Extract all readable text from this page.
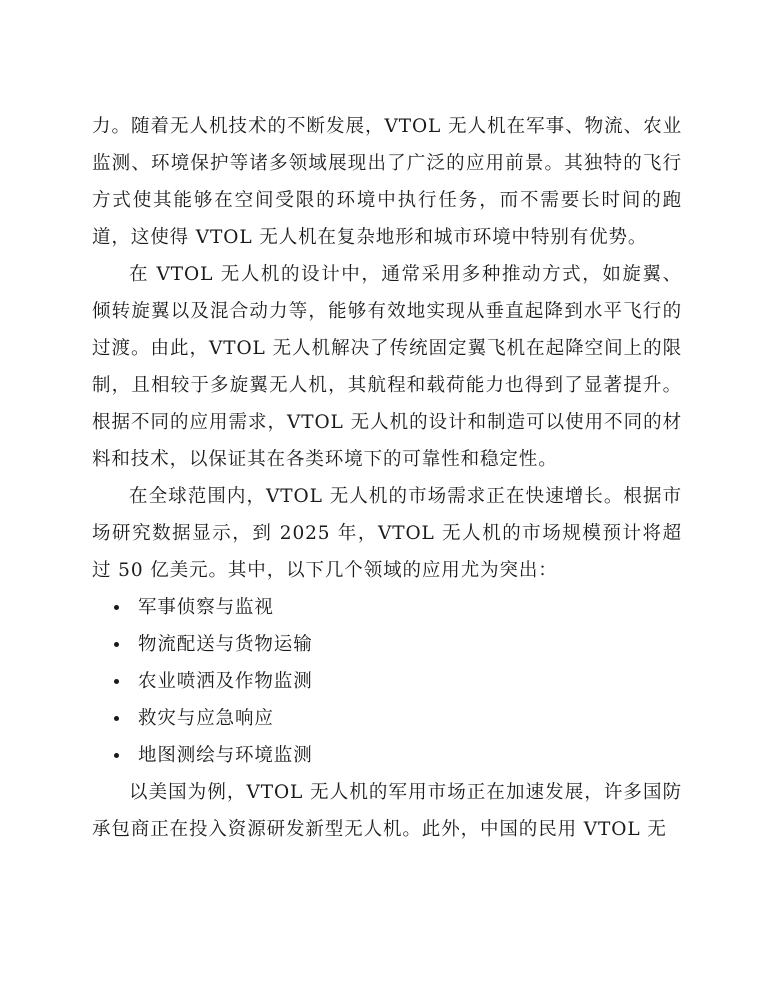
力。随着无人机技术的不断发展，VTOL 无人机在军事、物流、农业监测、环境保护等诸多领域展现出了广泛的应用前景。其独特的飞行方式使其能够在空间受限的环境中执行任务，而不需要长时间的跑道，这使得 VTOL 无人机在复杂地形和城市环境中特别有优势。

在 VTOL 无人机的设计中，通常采用多种推动方式，如旋翼、倾转旋翼以及混合动力等，能够有效地实现从垂直起降到水平飞行的过渡。由此，VTOL 无人机解决了传统固定翼飞机在起降空间上的限制，且相较于多旋翼无人机，其航程和载荷能力也得到了显著提升。根据不同的应用需求，VTOL 无人机的设计和制造可以使用不同的材料和技术，以保证其在各类环境下的可靠性和稳定性。

在全球范围内，VTOL 无人机的市场需求正在快速增长。根据市场研究数据显示，到 2025 年，VTOL 无人机的市场规模预计将超过 50 亿美元。其中，以下几个领域的应用尤为突出：

军事侦察与监视
物流配送与货物运输
农业喷洒及作物监测
救灾与应急响应
地图测绘与环境监测

以美国为例，VTOL 无人机的军用市场正在加速发展，许多国防承包商正在投入资源研发新型无人机。此外，中国的民用 VTOL 无
